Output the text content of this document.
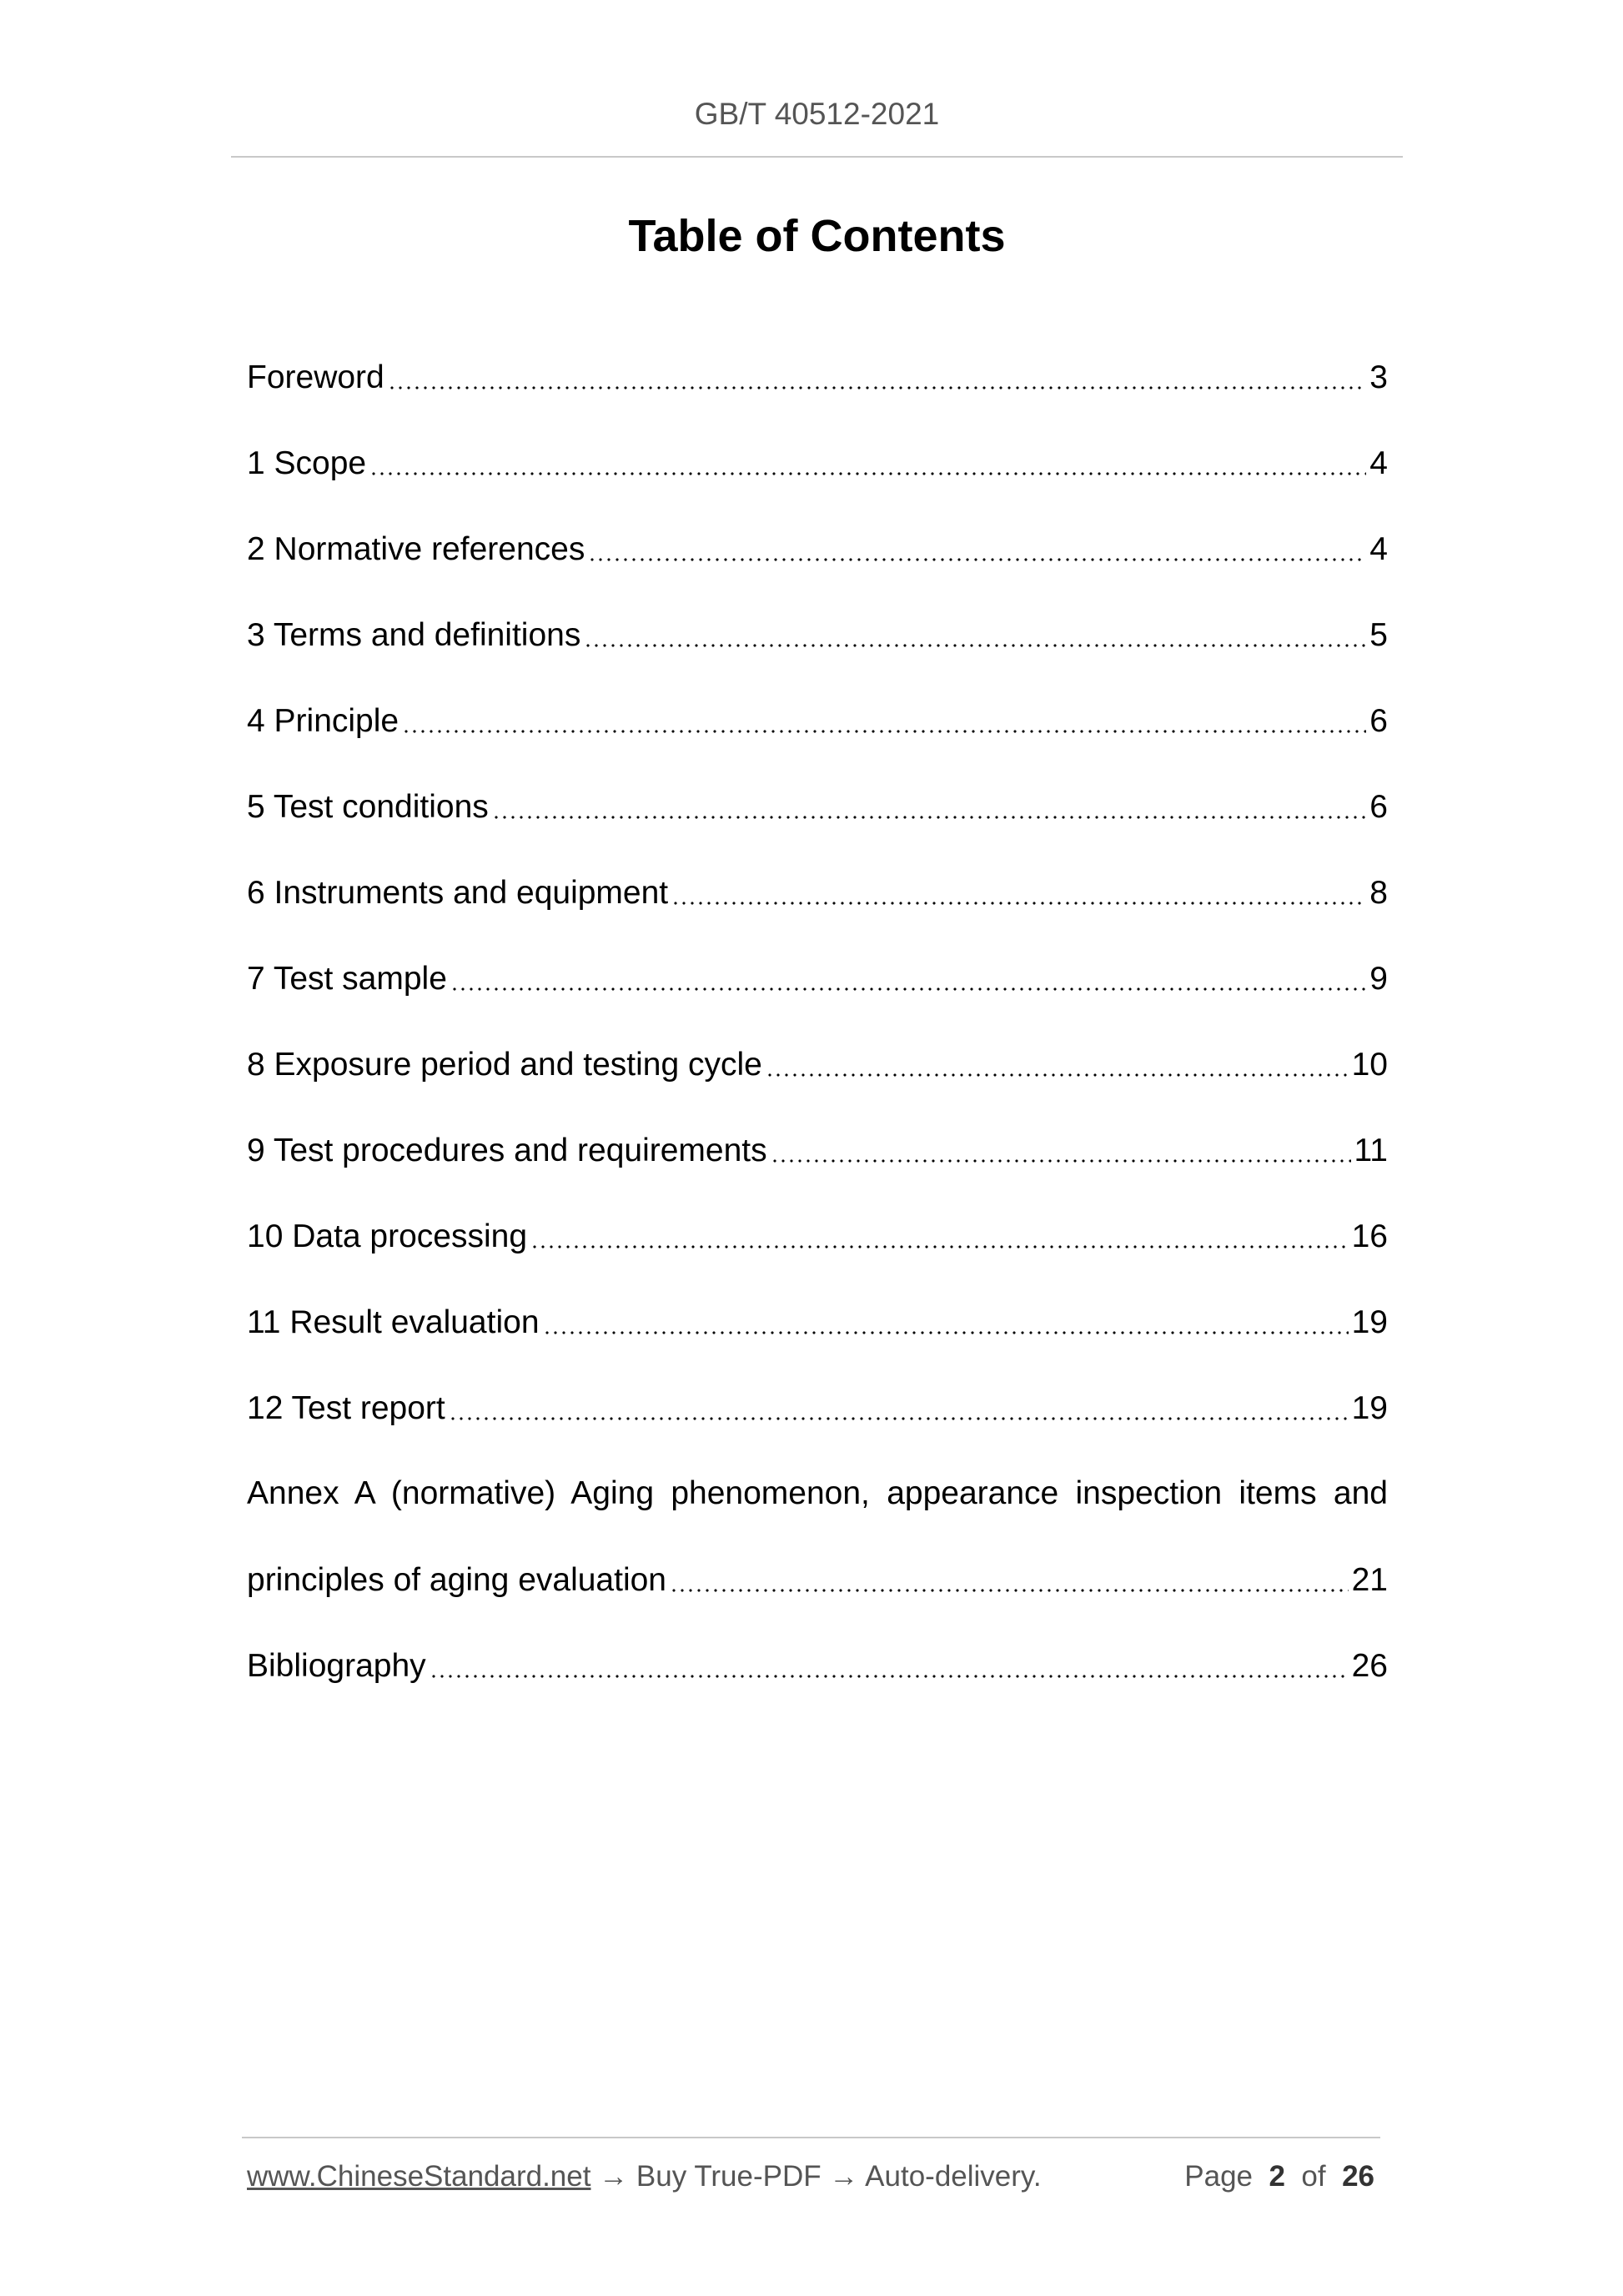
GB/T 40512-2021
Table of Contents
Foreword	3
1 Scope	4
2 Normative references	4
3 Terms and definitions	5
4 Principle	6
5 Test conditions	6
6 Instruments and equipment	8
7 Test sample	9
8 Exposure period and testing cycle	10
9 Test procedures and requirements	11
10 Data processing	16
11 Result evaluation	19
12 Test report	19
Annex A (normative) Aging phenomenon, appearance inspection items and
principles of aging evaluation	21
Bibliography	26
www.ChineseStandard.net → Buy True-PDF → Auto-delivery.	Page 2 of 26
